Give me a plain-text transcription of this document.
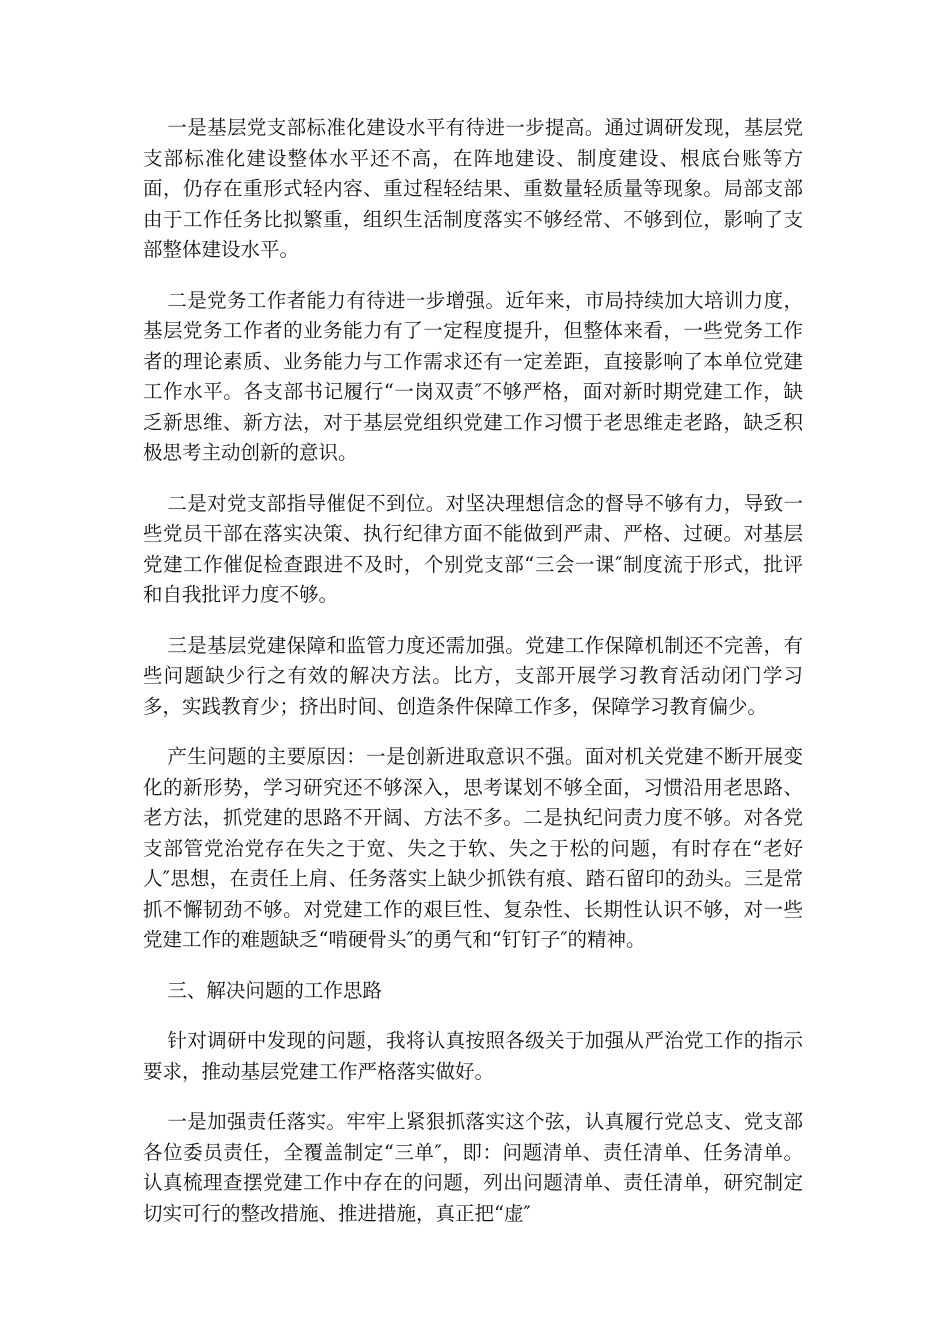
一是基层党支部标准化建设水平有待进一步提高。通过调研发现，基层党支部标准化建设整体水平还不高，在阵地建设、制度建设、根底台账等方面，仍存在重形式轻内容、重过程轻结果、重数量轻质量等现象。局部支部由于工作任务比拟繁重，组织生活制度落实不够经常、不够到位，影响了支部整体建设水平。

二是党务工作者能力有待进一步增强。近年来，市局持续加大培训力度，基层党务工作者的业务能力有了一定程度提升，但整体来看，一些党务工作者的理论素质、业务能力与工作需求还有一定差距，直接影响了本单位党建工作水平。各支部书记履行“一岗双责″不够严格，面对新时期党建工作，缺乏新思维、新方法，对于基层党组织党建工作习惯于老思维走老路，缺乏积极思考主动创新的意识。

二是对党支部指导催促不到位。对坚决理想信念的督导不够有力，导致一些党员干部在落实决策、执行纪律方面不能做到严肃、严格、过硬。对基层党建工作催促检查跟进不及时，个别党支部“三会一课″制度流于形式，批评和自我批评力度不够。

三是基层党建保障和监管力度还需加强。党建工作保障机制还不完善，有些问题缺少行之有效的解决方法。比方，支部开展学习教育活动闭门学习多，实践教育少；挤出时间、创造条件保障工作多，保障学习教育偏少。

产生问题的主要原因：一是创新进取意识不强。面对机关党建不断开展变化的新形势，学习研究还不够深入，思考谋划不够全面，习惯沿用老思路、老方法，抓党建的思路不开阔、方法不多。二是执纪问责力度不够。对各党支部管党治党存在失之于宽、失之于软、失之于松的问题，有时存在“老好人″思想，在责任上肩、任务落实上缺少抓铁有痕、踏石留印的劲头。三是常抓不懈韧劲不够。对党建工作的艰巨性、复杂性、长期性认识不够，对一些党建工作的难题缺乏“啃硬骨头″的勇气和“钉钉子″的精神。

三、解决问题的工作思路

针对调研中发现的问题，我将认真按照各级关于加强从严治党工作的指示要求，推动基层党建工作严格落实做好。

一是加强责任落实。牢牢上紧狠抓落实这个弦，认真履行党总支、党支部各位委员责任，全覆盖制定“三单″，即：问题清单、责任清单、任务清单。认真梳理查摆党建工作中存在的问题，列出问题清单、责任清单，研究制定切实可行的整改措施、推进措施，真正把“虚″
